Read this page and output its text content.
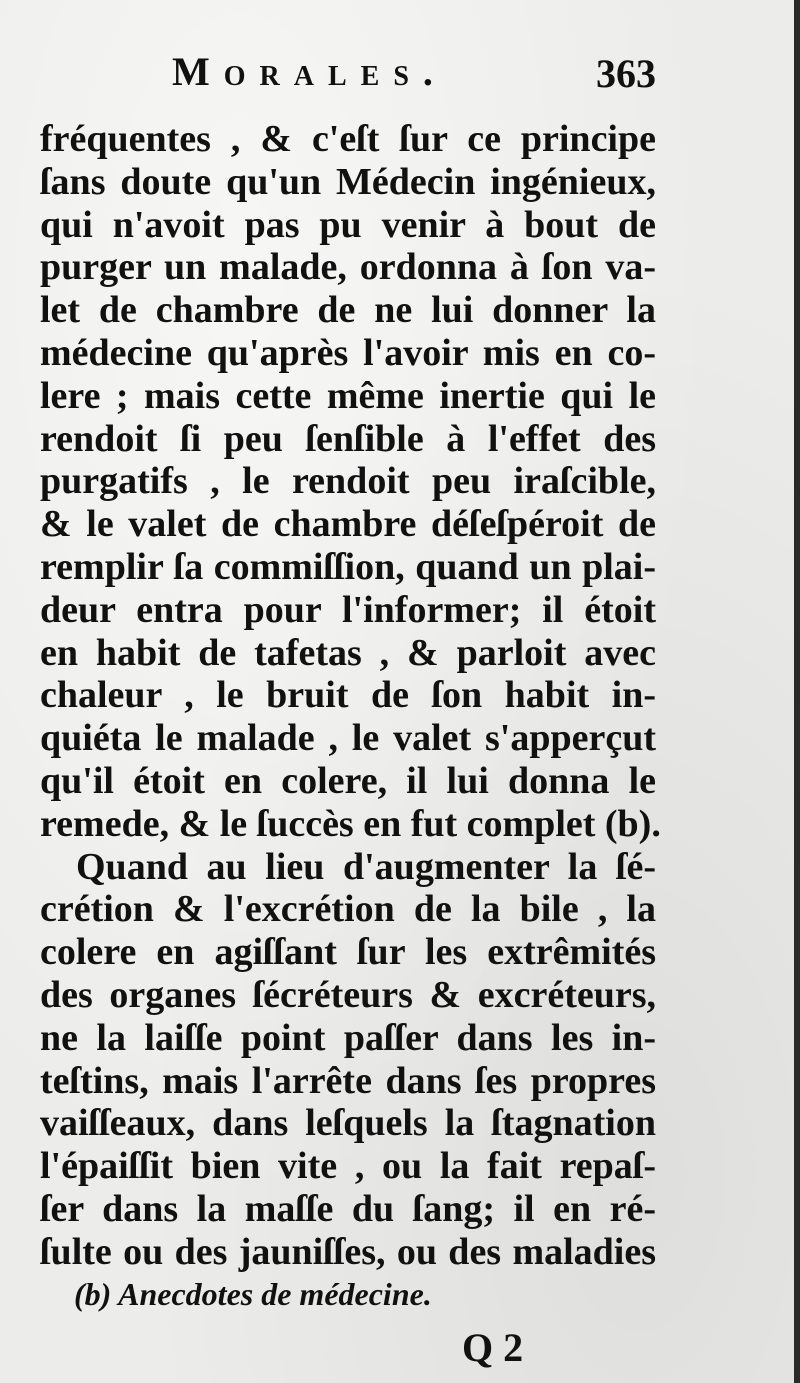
Morales.	363
fréquentes , & c'eſt ſur ce principe
ſans doute qu'un Médecin ingénieux,
qui n'avoit pas pu venir à bout de
purger un malade, ordonna à ſon va-
let de chambre de ne lui donner la
médecine qu'après l'avoir mis en co-
lere ; mais cette même inertie qui le
rendoit ſi peu ſenſible à l'effet des
purgatifs , le rendoit peu iraſcible,
& le valet de chambre déſeſpéroit de
remplir ſa commiſſion, quand un plai-
deur entra pour l'informer; il étoit
en habit de tafetas , & parloit avec
chaleur , le bruit de ſon habit in-
quiéta le malade , le valet s'apperçut
qu'il étoit en colere, il lui donna le
remede, & le ſuccès en fut complet (b).
Quand au lieu d'augmenter la ſé-
crétion & l'excrétion de la bile , la
colere en agiſſant ſur les extrêmités
des organes ſécréteurs & excréteurs,
ne la laiſſe point paſſer dans les in-
teſtins, mais l'arrête dans ſes propres
vaiſſeaux, dans leſquels la ſtagnation
l'épaiſſit bien vite , ou la fait repaſ-
ſer dans la maſſe du ſang; il en ré-
ſulte ou des jauniſſes, ou des maladies
(b) Anecdotes de médecine.
Q 2
